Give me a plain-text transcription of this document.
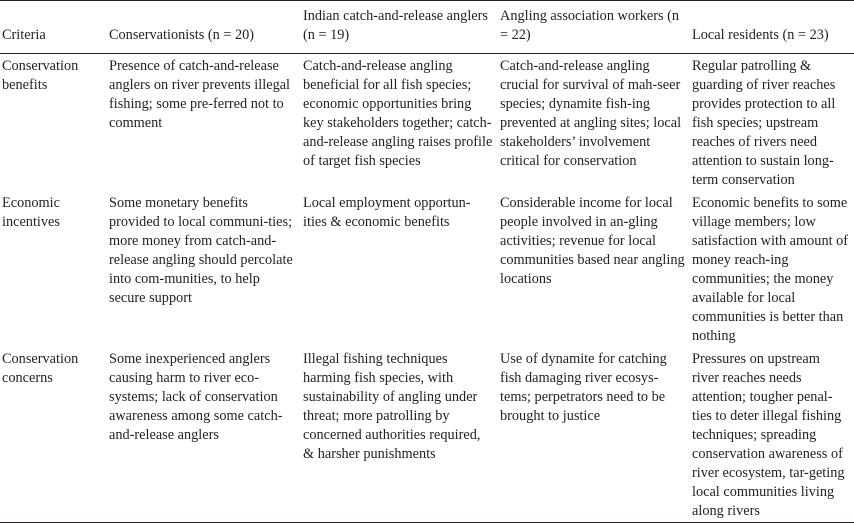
Criteria	Conservationists (n = 20)	Indian catch-and-release anglers (n = 19)	Angling association workers (n = 22)	Local residents (n = 23)
Conservation benefits	Presence of catch-and-release anglers on river prevents illegal fishing; some pre-ferred not to comment	Catch-and-release angling beneficial for all fish species; economic opportunities bring key stakeholders together; catch-and-release angling raises profile of target fish species	Catch-and-release angling crucial for survival of mah-seer species; dynamite fish-ing prevented at angling sites; local stakeholders’ involvement critical for conservation	Regular patrolling & guarding of river reaches provides protection to all fish species; upstream reaches of rivers need attention to sustain long-term conservation
Economic incentives	Some monetary benefits provided to local communi-ties; more money from catch-and-release angling should percolate into com-munities, to help secure support	Local employment opportun-ities & economic benefits	Considerable income for local people involved in an-gling activities; revenue for local communities based near angling locations	Economic benefits to some village members; low satisfaction with amount of money reach-ing communities; the money available for local communities is better than nothing
Conservation concerns	Some inexperienced anglers causing harm to river eco-systems; lack of conservation awareness among some catch-and-release anglers	Illegal fishing techniques harming fish species, with sustainability of angling under threat; more patrolling by concerned authorities required, & harsher punishments	Use of dynamite for catching fish damaging river ecosys-tems; perpetrators need to be brought to justice	Pressures on upstream river reaches needs attention; tougher penal-ties to deter illegal fishing techniques; spreading conservation awareness of river ecosystem, tar-geting local communities living along rivers
